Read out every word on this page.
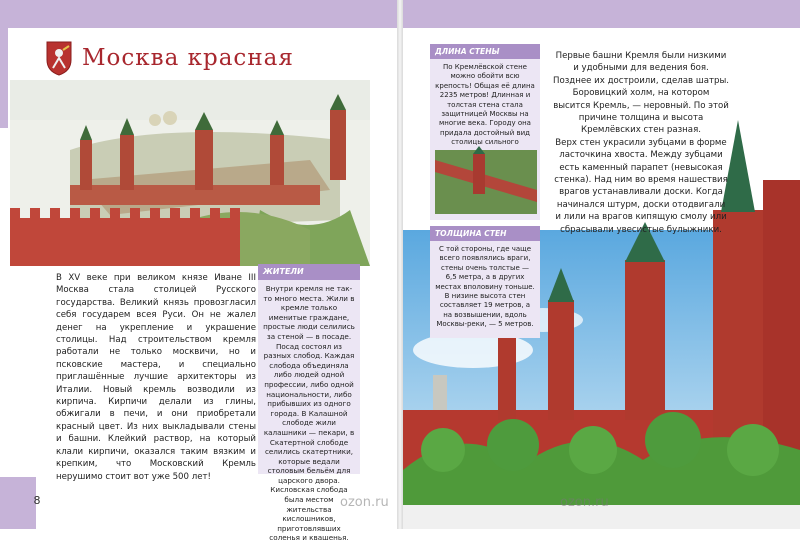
Москва красная
В XV веке при великом князе Иване III Москва стала столицей Русского государства. Великий князь провозгласил себя государем всея Руси. Он не жалел денег на укрепление и украшение столицы. Над строительством кремля работали не только москвичи, но и псковские мастера, и специально приглашённые лучшие архитекторы из Италии. Новый кремль возводили из кирпича. Кирпичи делали из глины, обжигали в печи, и они приобретали красный цвет. Из них выкладывали стены и башни. Клейкий раствор, на который клали кирпичи, оказался таким вязким и крепким, что Московский Кремль нерушимо стоит вот уже 500 лет!
ЖИТЕЛИ
Внутри кремля не так-то много места. Жили в кремле только именитые граждане, простые люди селились за стеной — в посаде. Посад состоял из разных слобод. Каждая слобода объединяла либо людей одной профессии, либо одной национальности, либо прибывших из одного города. В Калашной слободе жили калашники — пекари, в Скатертной слободе селились скатертники, которые ведали столовым бельём для царского двора. Кисловская слобода была местом жительства кислошников, приготовлявших соленья и квашенья.
8
ДЛИНА СТЕНЫ
По Кремлёвской стене можно обойти всю крепость! Общая её длина 2235 метров! Длинная и толстая стена стала защитницей Москвы на многие века. Городу она придала достойный вид столицы сильного
ТОЛЩИНА СТЕН
С той стороны, где чаще всего появлялись враги, стены очень толстые — 6,5 метра, а в других местах вполовину тоньше. В низине высота стен составляет 19 метров, а на возвышении, вдоль Москвы-реки, — 5 метров.
Первые башни Кремля были низкими и удобными для ведения боя. Позднее их достроили, сделав шатры. Боровицкий холм, на котором высится Кремль, — неровный. По этой причине толщина и высота Кремлёвских стен разная.
Верх стен украсили зубцами в форме ласточкина хвоста. Между зубцами есть каменный парапет (невысокая стенка). Над ним во время нашествия врагов устанавливали доски. Когда начинался штурм, доски отодвигали и лили на врагов кипящую смолу или сбрасывали увесистые булыжники.
ozon.ru	ozon.ru
